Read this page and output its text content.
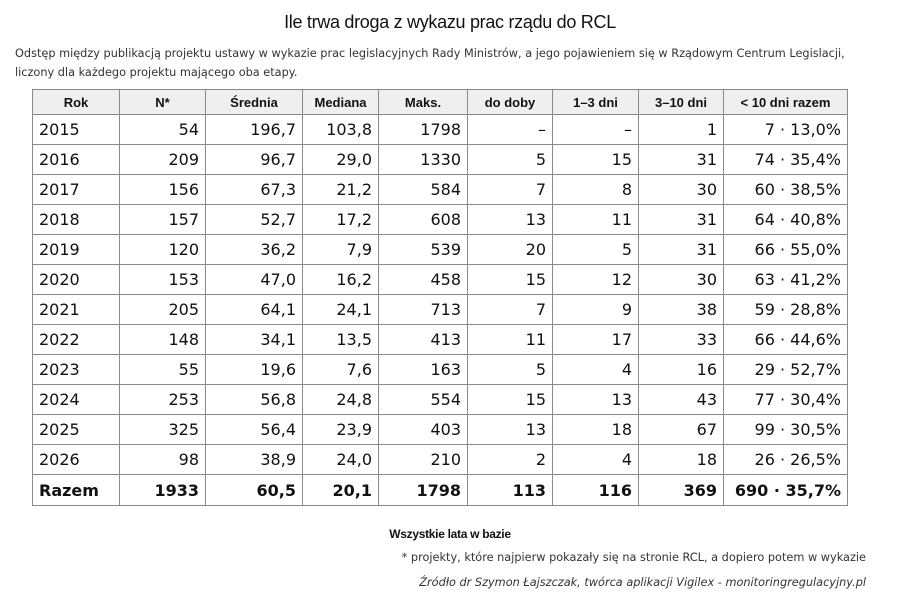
Ile trwa droga z wykazu prac rządu do RCL
Odstęp między publikacją projektu ustawy w wykazie prac legislacyjnych Rady Ministrów, a jego pojawieniem się w Rządowym Centrum Legislacji, liczony dla każdego projektu mającego oba etapy.
Rok	N*	Średnia	Mediana	Maks.	do doby	1–3 dni	3–10 dni	< 10 dni razem
2015	54	196,7	103,8	1798	–	–	1	7 · 13,0%
2016	209	96,7	29,0	1330	5	15	31	74 · 35,4%
2017	156	67,3	21,2	584	7	8	30	60 · 38,5%
2018	157	52,7	17,2	608	13	11	31	64 · 40,8%
2019	120	36,2	7,9	539	20	5	31	66 · 55,0%
2020	153	47,0	16,2	458	15	12	30	63 · 41,2%
2021	205	64,1	24,1	713	7	9	38	59 · 28,8%
2022	148	34,1	13,5	413	11	17	33	66 · 44,6%
2023	55	19,6	7,6	163	5	4	16	29 · 52,7%
2024	253	56,8	24,8	554	15	13	43	77 · 30,4%
2025	325	56,4	23,9	403	13	18	67	99 · 30,5%
2026	98	38,9	24,0	210	2	4	18	26 · 26,5%
Razem	1933	60,5	20,1	1798	113	116	369	690 · 35,7%
Wszystkie lata w bazie
* projekty, które najpierw pokazały się na stronie RCL, a dopiero potem w wykazie
Źródło dr Szymon Łajszczak, twórca aplikacji Vigilex - monitoringregulacyjny.pl
